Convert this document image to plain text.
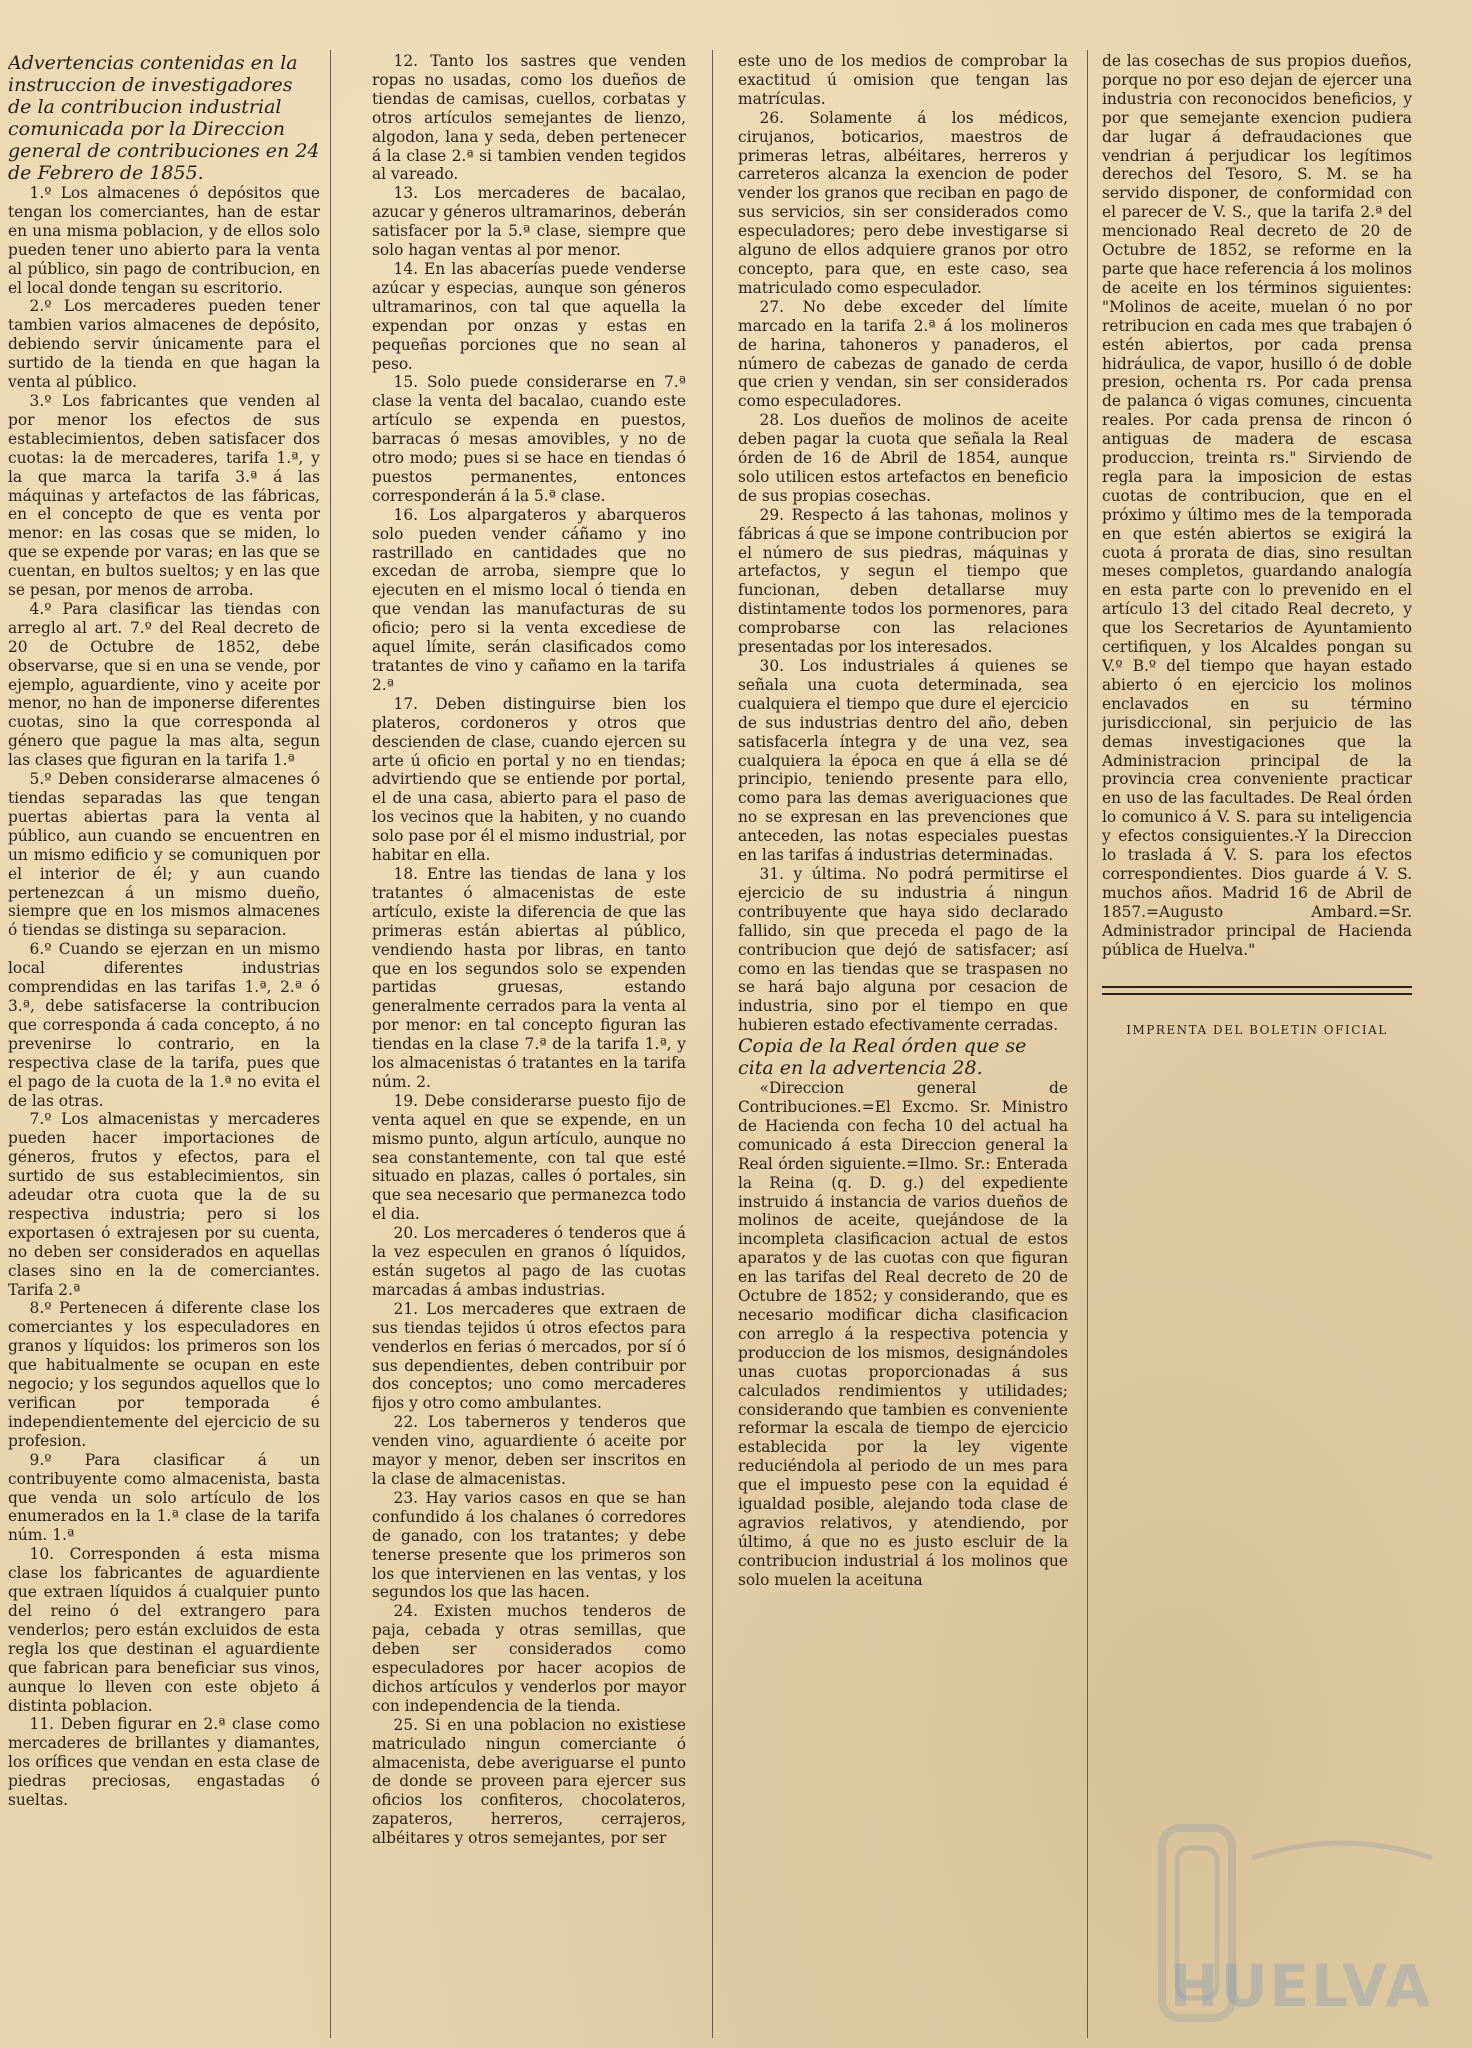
Advertencias contenidas en la instruccion de investigadores de la contribucion industrial comunicada por la Direccion general de contribuciones en 24 de Febrero de 1855.

1.º Los almacenes ó depósitos que tengan los comerciantes, han de estar en una misma poblacion, y de ellos solo pueden tener uno abierto para la venta al público, sin pago de contribucion, en el local donde tengan su escritorio.

2.º Los mercaderes pueden tener tambien varios almacenes de depósito, debiendo servir únicamente para el surtido de la tienda en que hagan la venta al público.

3.º Los fabricantes que venden al por menor los efectos de sus establecimientos, deben satisfacer dos cuotas: la de mercaderes, tarifa 1.ª, y la que marca la tarifa 3.ª á las máquinas y artefactos de las fábricas, en el concepto de que es venta por menor: en las cosas que se miden, lo que se expende por varas; en las que se cuentan, en bultos sueltos; y en las que se pesan, por menos de arroba.

4.º Para clasificar las tiendas con arreglo al art. 7.º del Real decreto de 20 de Octubre de 1852, debe observarse, que si en una se vende, por ejemplo, aguardiente, vino y aceite por menor, no han de imponerse diferentes cuotas, sino la que corresponda al género que pague la mas alta, segun las clases que figuran en la tarifa 1.ª

5.º Deben considerarse almacenes ó tiendas separadas las que tengan puertas abiertas para la venta al público, aun cuando se encuentren en un mismo edificio y se comuniquen por el interior de él; y aun cuando pertenezcan á un mismo dueño, siempre que en los mismos almacenes ó tiendas se distinga su separacion.

6.º Cuando se ejerzan en un mismo local diferentes industrias comprendidas en las tarifas 1.ª, 2.ª ó 3.ª, debe satisfacerse la contribucion que corresponda á cada concepto, á no prevenirse lo contrario, en la respectiva clase de la tarifa, pues que el pago de la cuota de la 1.ª no evita el de las otras.

7.º Los almacenistas y mercaderes pueden hacer importaciones de géneros, frutos y efectos, para el surtido de sus establecimientos, sin adeudar otra cuota que la de su respectiva industria; pero si los exportasen ó extrajesen por su cuenta, no deben ser considerados en aquellas clases sino en la de comerciantes. Tarifa 2.ª

8.º Pertenecen á diferente clase los comerciantes y los especuladores en granos y líquidos: los primeros son los que habitualmente se ocupan en este negocio; y los segundos aquellos que lo verifican por temporada é independientemente del ejercicio de su profesion.

9.º Para clasificar á un contribuyente como almacenista, basta que venda un solo artículo de los enumerados en la 1.ª clase de la tarifa núm. 1.ª

10. Corresponden á esta misma clase los fabricantes de aguardiente que extraen líquidos á cualquier punto del reino ó del extrangero para venderlos; pero están excluidos de esta regla los que destinan el aguardiente que fabrican para beneficiar sus vinos, aunque lo lleven con este objeto á distinta poblacion.

11. Deben figurar en 2.ª clase como mercaderes de brillantes y diamantes, los orífices que vendan en esta clase de piedras preciosas, engastadas ó sueltas.

12. Tanto los sastres que venden ropas no usadas, como los dueños de tiendas de camisas, cuellos, corbatas y otros artículos semejantes de lienzo, algodon, lana y seda, deben pertenecer á la clase 2.ª si tambien venden tegidos al vareado.

13. Los mercaderes de bacalao, azucar y géneros ultramarinos, deberán satisfacer por la 5.ª clase, siempre que solo hagan ventas al por menor.

14. En las abacerías puede venderse azúcar y especias, aunque son géneros ultramarinos, con tal que aquella la expendan por onzas y estas en pequeñas porciones que no sean al peso.

15. Solo puede considerarse en 7.ª clase la venta del bacalao, cuando este artículo se expenda en puestos, barracas ó mesas amovibles, y no de otro modo; pues si se hace en tiendas ó puestos permanentes, entonces corresponderán á la 5.ª clase.

16. Los alpargateros y abarqueros solo pueden vender cáñamo y ino rastrillado en cantidades que no excedan de arroba, siempre que lo ejecuten en el mismo local ó tienda en que vendan las manufacturas de su oficio; pero si la venta excediese de aquel límite, serán clasificados como tratantes de vino y cañamo en la tarifa 2.ª

17. Deben distinguirse bien los plateros, cordoneros y otros que descienden de clase, cuando ejercen su arte ú oficio en portal y no en tiendas; advirtiendo que se entiende por portal, el de una casa, abierto para el paso de los vecinos que la habiten, y no cuando solo pase por él el mismo industrial, por habitar en ella.

18. Entre las tiendas de lana y los tratantes ó almacenistas de este artículo, existe la diferencia de que las primeras están abiertas al público, vendiendo hasta por libras, en tanto que en los segundos solo se expenden partidas gruesas, estando generalmente cerrados para la venta al por menor: en tal concepto figuran las tiendas en la clase 7.ª de la tarifa 1.ª, y los almacenistas ó tratantes en la tarifa núm. 2.

19. Debe considerarse puesto fijo de venta aquel en que se expende, en un mismo punto, algun artículo, aunque no sea constantemente, con tal que esté situado en plazas, calles ó portales, sin que sea necesario que permanezca todo el dia.

20. Los mercaderes ó tenderos que á la vez especulen en granos ó líquidos, están sugetos al pago de las cuotas marcadas á ambas industrias.

21. Los mercaderes que extraen de sus tiendas tejidos ú otros efectos para venderlos en ferias ó mercados, por sí ó sus dependientes, deben contribuir por dos conceptos; uno como mercaderes fijos y otro como ambulantes.

22. Los taberneros y tenderos que venden vino, aguardiente ó aceite por mayor y menor, deben ser inscritos en la clase de almacenistas.

23. Hay varios casos en que se han confundido á los chalanes ó corredores de ganado, con los tratantes; y debe tenerse presente que los primeros son los que intervienen en las ventas, y los segundos los que las hacen.

24. Existen muchos tenderos de paja, cebada y otras semillas, que deben ser considerados como especuladores por hacer acopios de dichos artículos y venderlos por mayor con independencia de la tienda.

25. Si en una poblacion no existiese matriculado ningun comerciante ó almacenista, debe averiguarse el punto de donde se proveen para ejercer sus oficios los confiteros, chocolateros, zapateros, herreros, cerrajeros, albéitares y otros semejantes, por ser

este uno de los medios de comprobar la exactitud ú omision que tengan las matrículas.

26. Solamente á los médicos, cirujanos, boticarios, maestros de primeras letras, albéitares, herreros y carreteros alcanza la exencion de poder vender los granos que reciban en pago de sus servicios, sin ser considerados como especuladores; pero debe investigarse si alguno de ellos adquiere granos por otro concepto, para que, en este caso, sea matriculado como especulador.

27. No debe exceder del límite marcado en la tarifa 2.ª á los molineros de harina, tahoneros y panaderos, el número de cabezas de ganado de cerda que crien y vendan, sin ser considerados como especuladores.

28. Los dueños de molinos de aceite deben pagar la cuota que señala la Real órden de 16 de Abril de 1854, aunque solo utilicen estos artefactos en beneficio de sus propias cosechas.

29. Respecto á las tahonas, molinos y fábricas á que se impone contribucion por el número de sus piedras, máquinas y artefactos, y segun el tiempo que funcionan, deben detallarse muy distintamente todos los pormenores, para comprobarse con las relaciones presentadas por los interesados.

30. Los industriales á quienes se señala una cuota determinada, sea cualquiera el tiempo que dure el ejercicio de sus industrias dentro del año, deben satisfacerla íntegra y de una vez, sea cualquiera la época en que á ella se dé principio, teniendo presente para ello, como para las demas averiguaciones que no se expresan en las prevenciones que anteceden, las notas especiales puestas en las tarifas á industrias determinadas.

31. y última. No podrá permitirse el ejercicio de su industria á ningun contribuyente que haya sido declarado fallido, sin que preceda el pago de la contribucion que dejó de satisfacer; así como en las tiendas que se traspasen no se hará bajo alguna por cesacion de industria, sino por el tiempo en que hubieren estado efectivamente cerradas.

Copia de la Real órden que se cita en la advertencia 28.

«Direccion general de Contribuciones.=El Excmo. Sr. Ministro de Hacienda con fecha 10 del actual ha comunicado á esta Direccion general la Real órden siguiente.=Ilmo. Sr.: Enterada la Reina (q. D. g.) del expediente instruido á instancia de varios dueños de molinos de aceite, quejándose de la incompleta clasificacion actual de estos aparatos y de las cuotas con que figuran en las tarifas del Real decreto de 20 de Octubre de 1852; y considerando, que es necesario modificar dicha clasificacion con arreglo á la respectiva potencia y produccion de los mismos, designándoles unas cuotas proporcionadas á sus calculados rendimientos y utilidades; considerando que tambien es conveniente reformar la escala de tiempo de ejercicio establecida por la ley vigente reduciéndola al periodo de un mes para que el impuesto pese con la equidad é igualdad posible, alejando toda clase de agravios relativos, y atendiendo, por último, á que no es justo escluir de la contribucion industrial á los molinos que solo muelen la aceituna

de las cosechas de sus propios dueños, porque no por eso dejan de ejercer una industria con reconocidos beneficios, y por que semejante exencion pudiera dar lugar á defraudaciones que vendrian á perjudicar los legítimos derechos del Tesoro, S. M. se ha servido disponer, de conformidad con el parecer de V. S., que la tarifa 2.ª del mencionado Real decreto de 20 de Octubre de 1852, se reforme en la parte que hace referencia á los molinos de aceite en los términos siguientes: "Molinos de aceite, muelan ó no por retribucion en cada mes que trabajen ó estén abiertos, por cada prensa hidráulica, de vapor, husillo ó de doble presion, ochenta rs. Por cada prensa de palanca ó vigas comunes, cincuenta reales. Por cada prensa de rincon ó antiguas de madera de escasa produccion, treinta rs." Sirviendo de regla para la imposicion de estas cuotas de contribucion, que en el próximo y último mes de la temporada en que estén abiertos se exigirá la cuota á prorata de dias, sino resultan meses completos, guardando analogía en esta parte con lo prevenido en el artículo 13 del citado Real decreto, y que los Secretarios de Ayuntamiento certifiquen, y los Alcaldes pongan su V.º B.º del tiempo que hayan estado abierto ó en ejercicio los molinos enclavados en su término jurisdiccional, sin perjuicio de las demas investigaciones que la Administracion principal de la provincia crea conveniente practicar en uso de las facultades. De Real órden lo comunico á V. S. para su inteligencia y efectos consiguientes.-Y la Direccion lo traslada á V. S. para los efectos correspondientes. Dios guarde á V. S. muchos años. Madrid 16 de Abril de 1857.=Augusto Ambard.=Sr. Administrador principal de Hacienda pública de Huelva."

IMPRENTA DEL BOLETIN OFICIAL

HUELVA
